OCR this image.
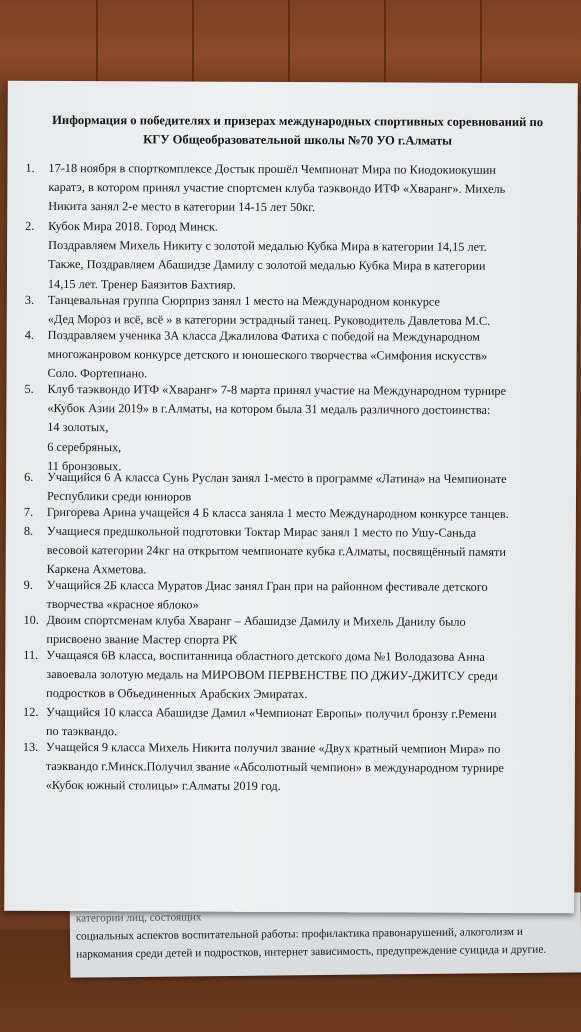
категории лиц, состоящих
социальных аспектов воспитательной работы: профилактика правонарушений, алкоголизм и
наркомания среди детей и подростков, интернет зависимость, предупреждение суицида и другие.
Информация о победителях и призерах международных спортивных соревнований по
КГУ Общеобразовательной школы №70 УО г.Алматы
1. 17-18 ноября в спорткомплексе Достык прошёл Чемпионат Мира по Киодокиокушин
каратэ, в котором принял участие спортсмен клуба таэквондо ИТФ «Хваранг». Михель
Никита занял 2-е место в категории 14-15 лет 50кг.
2. Кубок Мира 2018. Город Минск.
Поздравляем Михель Никиту с золотой медалью Кубка Мира в категории 14,15 лет.
Также, Поздравляем Абашидзе Дамилу с золотой медалью Кубка Мира в категории
14,15 лет. Тренер Баязитов Бахтияр.
3. Танцевальная группа Сюрприз занял 1 место на Международном конкурсе
«Дед Мороз и всё, всё » в категории эстрадный танец. Руководитель Давлетова М.С.
4. Поздравляем ученика 3А класса Джалилова Фатиха с победой на Международном
многожанровом конкурсе детского и юношеского творчества «Симфония искусств»
Соло. Фортепиано.
5. Клуб таэквондо ИТФ «Хваранг» 7-8 марта принял участие на Международном турнире
«Кубок Азии 2019» в г.Алматы, на котором была 31 медаль различного достоинства:
14 золотых,
6 серебряных,
11 бронзовых.
6. Учащийся 6 А класса Сунь Руслан занял 1-место в программе «Латина» на Чемпионате
Республики среди юниоров
7. Григорева Арина учащейся 4 Б класса заняла 1 место Международном конкурсе танцев.
8. Учащиеся предшкольной подготовки Токтар Мирас занял 1 место по Ушу-Саньда
весовой категории 24кг на открытом чемпионате кубка г.Алматы, посвящённый памяти
Каркена Ахметова.
9. Учащийся 2Б класса Муратов Диас занял Гран при на районном фестивале детского
творчества «красное яблоко»
10. Двоим спортсменам клуба Хваранг – Абашидзе Дамилу и Михель Данилу было
присвоено звание Мастер спорта РК
11. Учащаяся 6В класса, воспитанница областного детского дома №1 Володазова Анна
завоевала золотую медаль на МИРОВОМ ПЕРВЕНСТВЕ ПО ДЖИУ-ДЖИТСУ среди
подростков в Объединенных Арабских Эмиратах.
12. Учащийся 10 класса Абашидзе Дамил «Чемпионат Европы» получил бронзу г.Ремени
по таэквандо.
13. Учащейся 9 класса Михель Никита получил звание «Двух кратный чемпион Мира» по
таэквандо г.Минск.Получил звание «Абсолютный чемпион» в международном турнире
«Кубок южный столицы» г.Алматы 2019 год.
